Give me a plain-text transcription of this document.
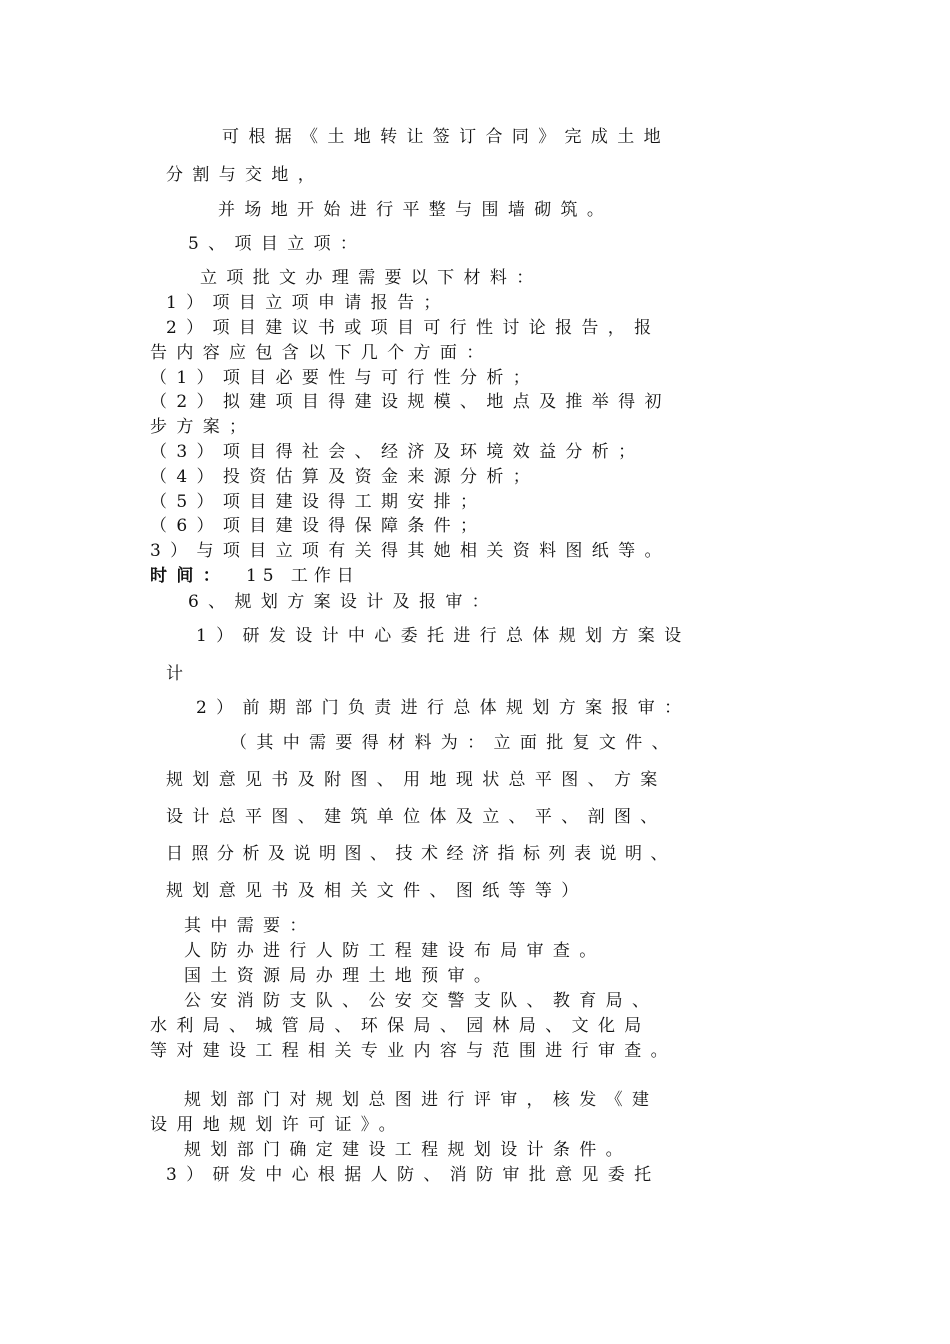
可根据《土地转让签订合同》完成土地
分割与交地，
并场地开始进行平整与围墙砌筑。
5、项目立项：
立项批文办理需要以下材料：
1）项目立项申请报告；
2）项目建议书或项目可行性讨论报告，报
告内容应包含以下几个方面：
（1）项目必要性与可行性分析；
（2）拟建项目得建设规模、地点及推举得初
步方案；
（3）项目得社会、经济及环境效益分析；
（4）投资估算及资金来源分析；
（5）项目建设得工期安排；
（6）项目建设得保障条件；
3）与项目立项有关得其她相关资料图纸等。
时间： 15 工作日
6、规划方案设计及报审：
1）研发设计中心委托进行总体规划方案设
计
2）前期部门负责进行总体规划方案报审：
（其中需要得材料为：立面批复文件、
规划意见书及附图、用地现状总平图、方案
设计总平图、建筑单位体及立、平、剖图、
日照分析及说明图、技术经济指标列表说明、
规划意见书及相关文件、图纸等等）
其中需要：
人防办进行人防工程建设布局审查。
国土资源局办理土地预审。
公安消防支队、公安交警支队、教育局、
水利局、城管局、环保局、园林局、文化局
等对建设工程相关专业内容与范围进行审查。
规划部门对规划总图进行评审，核发《建
设用地规划许可证》。
规划部门确定建设工程规划设计条件。
3）研发中心根据人防、消防审批意见委托
